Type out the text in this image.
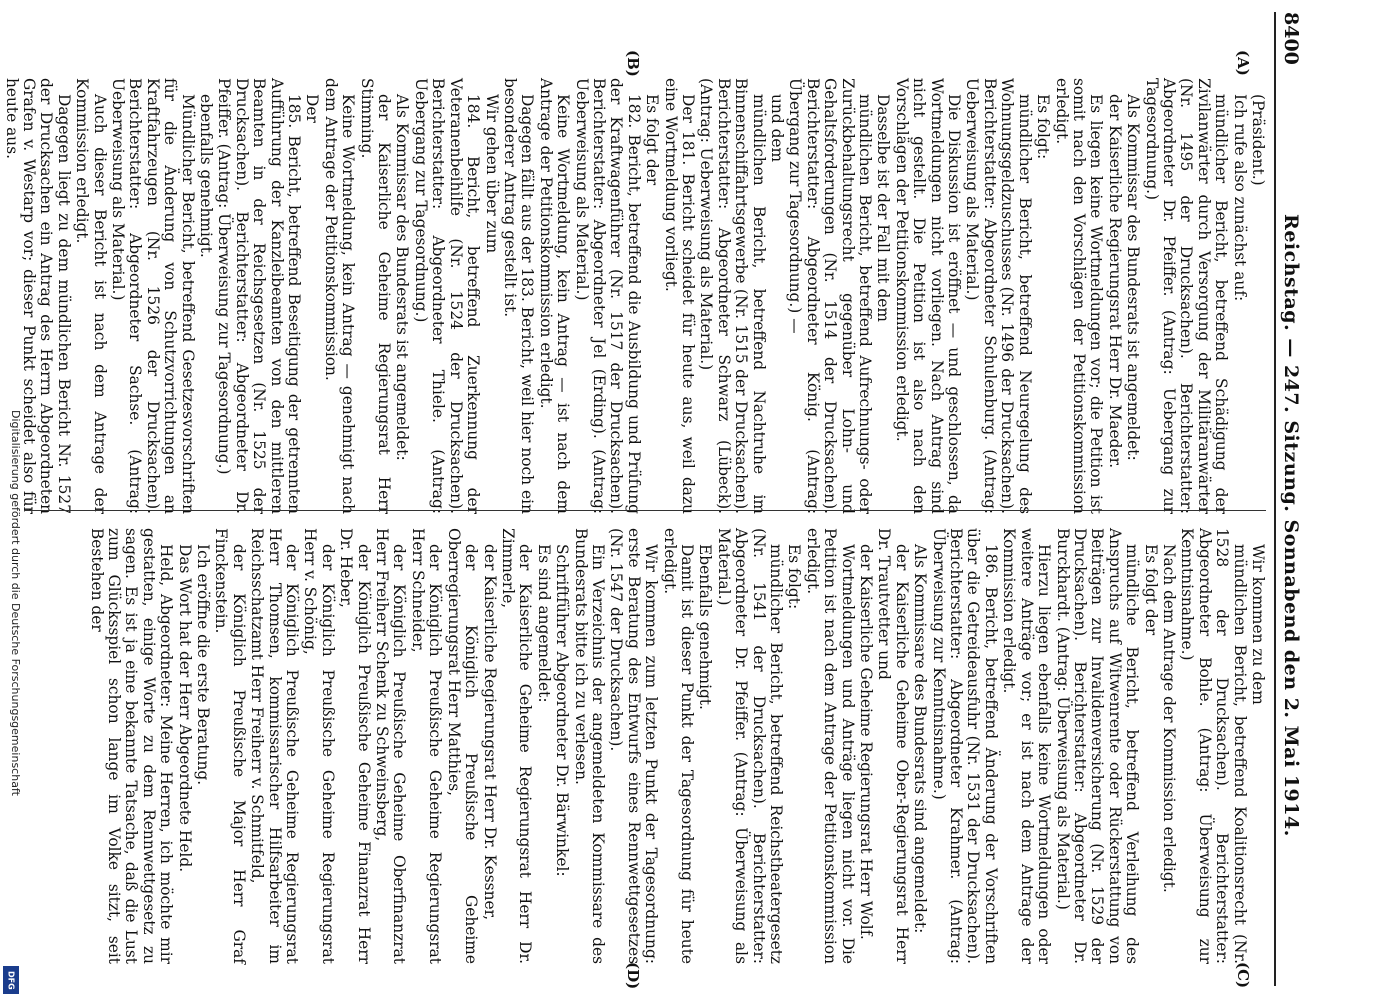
8400
Reichstag. — 247. Sitzung. Sonnabend den 2. Mai 1914.
(A)
(B)
(C)
(D)

(Präsident.)

Ich rufe also zunächst auf:

mündlicher Bericht, betreffend Schädigung der Zivilanwärter durch Versorgung der Militäranwärter (Nr. 1495 der Drucksachen). Berichterstatter: Abgeordneter Dr. Pfeiffer. (Antrag: Uebergang zur Tagesordnung.)

Als Kommissar des Bundesrats ist angemeldet:

der Kaiserliche Regierungsrat Herr Dr. Maeder.

Es liegen keine Wortmeldungen vor; die Petition ist somit nach den Vorschlägen der Petitionskommission erledigt.

Es folgt:

mündlicher Bericht, betreffend Neuregelung des Wohnungsgeldzuschusses (Nr. 1496 der Drucksachen). Berichterstatter: Abgeordneter Schulenburg. (Antrag: Ueberweisung als Material.)

Die Diskussion ist eröffnet — und geschlossen, da Wortmeldungen nicht vorliegen. Nach Antrag sind nicht gestellt. Die Petition ist also nach den Vorschlägen der Petitionskommission erledigt.

Dasselbe ist der Fall mit dem

mündlichen Bericht, betreffend Aufrechnungs- oder Zurückbehaltungsrecht gegenüber Lohn- und Gehaltsforderungen (Nr. 1514 der Drucksachen). Berichterstatter: Abgeordneter König. (Antrag: Übergang zur Tagesordnung.) —

und dem

mündlichen Bericht, betreffend Nachtruhe im Binnenschiffahrtsgewerbe (Nr. 1515 der Drucksachen). Berichterstatter: Abgeordneter Schwarz (Lübeck). (Antrag: Ueberweisung als Material.)

Der 181. Bericht scheidet für heute aus, weil dazu eine Wortmeldung vorliegt.

Es folgt der

182. Bericht, betreffend die Ausbildung und Prüfung der Kraftwagenführer (Nr. 1517 der Drucksachen). Berichterstatter: Abgeordneter Jel (Erding). (Antrag: Ueberweisung als Material.)

Keine Wortmeldung, kein Antrag — ist nach dem Antrage der Petitionskommission erledigt.

Dagegen fällt aus der 183. Bericht, weil hier noch ein besonderer Antrag gestellt ist.

Wir gehen über zum

184. Bericht, betreffend Zuerkennung der Veteranenbeihilfe (Nr. 1524 der Drucksachen). Berichterstatter: Abgeordneter Thiele. (Antrag: Uebergang zur Tagesordnung.)

Als Kommissar des Bundesrats ist angemeldet:

der Kaiserliche Geheime Regierungsrat Herr Stimming.

Keine Wortmeldung, kein Antrag — genehmigt nach dem Antrage der Petitionskommission.

Der

185. Bericht, betreffend Beseitigung der getrennten Aufführung der Kanzleibeamten von den mittleren Beamten in der Reichsgesetzen (Nr. 1525 der Drucksachen). Berichterstatter: Abgeordneter Dr. Pfeiffer. (Antrag: Überweisung zur Tagesordnung.)

ebenfalls genehmigt.

Mündlicher Bericht, betreffend Gesetzesvorschriften für die Änderung von Schutzvorrichtungen an Kraftfahrzeugen (Nr. 1526 der Drucksachen). Berichterstatter: Abgeordneter Sachse. (Antrag: Ueberweisung als Material.)

Auch dieser Bericht ist nach dem Antrage der Kommission erledigt.

Dagegen liegt zu dem mündlichen Bericht Nr. 1527 der Drucksachen ein Antrag des Herrn Abgeordneten Grafen v. Westarp vor; dieser Punkt scheidet also für heute aus.

Wir kommen zu dem

mündlichen Bericht, betreffend Koalitionsrecht (Nr. 1528 der Drucksachen). Berichterstatter: Abgeordneter Bohle. (Antrag: Überweisung zur Kenntnisnahme.)

Nach dem Antrage der Kommission erledigt.

Es folgt der

mündliche Bericht, betreffend Verleihung des Anspruchs auf Witwenrente oder Rückerstattung von Beiträgen zur Invalidenversicherung (Nr. 1529 der Drucksachen). Berichterstatter: Abgeordneter Dr. Burckhardt. (Antrag: Überweisung als Material.)

Hierzu liegen ebenfalls keine Wortmeldungen oder weitere Anträge vor; er ist nach dem Antrage der Kommission erledigt.

186. Bericht, betreffend Änderung der Vorschriften über die Getreideausfuhr (Nr. 1531 der Drucksachen). Berichterstatter: Abgeordneter Krahmer. (Antrag: Überweisung zur Kenntnisnahme.)

Als Kommissare des Bundesrats sind angemeldet:

der Kaiserliche Geheime Ober-Regierungsrat Herr Dr. Trautvetter und

der Kaiserliche Geheime Regierungsrat Herr Wolf.

Wortmeldungen und Anträge liegen nicht vor. Die Petition ist nach dem Antrage der Petitionskommission erledigt.

Es folgt:

mündlicher Bericht, betreffend Reichstheatergesetz (Nr. 1541 der Drucksachen). Berichterstatter: Abgeordneter Dr. Pfeiffer. (Antrag: Überweisung als Material.)

Ebenfalls genehmigt.

Damit ist dieser Punkt der Tagesordnung für heute erledigt.

Wir kommen zum letzten Punkt der Tagesordnung: erste Beratung des Entwurfs eines Rennwettgesetzes (Nr. 1547 der Drucksachen).

Ein Verzeichnis der angemeldeten Kommissare des Bundesrats bitte ich zu verlesen.

Schriftführer Abgeordneter Dr. Bärwinkel:

Es sind angemeldet:

der Kaiserliche Geheime Regierungsrat Herr Dr. Zimmerle,

der Kaiserliche Regierungsrat Herr Dr. Kessner,

der Königlich Preußische Geheime Oberregierungsrat Herr Matthies,

der Königlich Preußische Geheime Regierungsrat Herr Schneider,

der Königlich Preußische Geheime Oberfinanzrat Herr Freiherr Schenk zu Schweinsberg,

der Königlich Preußische Geheime Finanzrat Herr Dr. Heber,

der Königlich Preußische Geheime Regierungsrat Herr v. Schönig,

der Königlich Preußische Geheime Regierungsrat Herr Thomsen, kommissarischer Hilfsarbeiter im Reichsschatzamt Herr Freiherr v. Schmitfeld,

der Königlich Preußische Major Herr Graf Finckenstein.

Ich eröffne die erste Beratung.

Das Wort hat der Herr Abgeordnete Held.

Held, Abgeordneter: Meine Herren, ich möchte mir gestatten, einige Worte zu dem Rennwettgesetz zu sagen. Es ist ja eine bekannte Tatsache, daß die Lust zum Glücksspiel schon lange im Volke sitzt, seit Bestehen der

Digitalisierung gefördert durch die Deutsche Forschungsgemeinschaft
DFG
